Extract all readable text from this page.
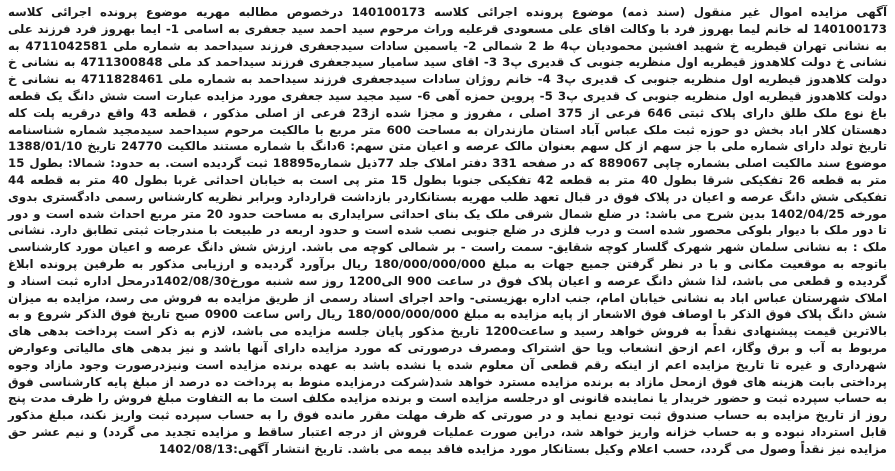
آگهی مزایده اموال غیر منقول (سند ذمه) موضوع پرونده اجرائی کلاسه 140100173 درخصوص مطالبه مهریه موضوع پرونده اجرائی کلاسه 140100173 له خانم لیما بهروز فرد با وکالت اقای علی مسعودی قرعلیه وراث مرحوم سید احمد سید جعفری به اسامی 1- ایما بهروز فرد فرزند علی به نشانی تهران قیطریه خ شهید افشین محمودیان پ4 ط 2 شمالی 2- یاسمین سادات سیدجعفری فرزند سیداحمد به شماره ملی 4711042581 به نشانی خ دولت کلاهدوز قیطریه اول منظریه جنوبی ک قدیری پ3 3- اقای سید سامیار سیدجعفری فرزند سیداحمد کد ملی 4711300848 به نشانی خ دولت کلاهدوز قیطریه اول منظریه جنوبی ک قدیری پ3 4- خانم روژان سادات سیدجعفری فرزند سیداحمد به شماره ملی 4711828461 به نشانی خ دولت کلاهدوز قیطریه اول منظریه جنوبی ک قدیری پ3 5- پروین حمزه آهی 6- سید مجید سید جعفری مورد مزایده عبارت است شش دانگ یک قطعه باغ نوع ملک طلق دارای پلاک ثبتی 646 فرعی از 375 اصلی ، مفروز و مجزا شده از23 فرعی از اصلی مذکور ، قطعه 43 واقع درقریه پلت کله دهستان کلار اباد بخش دو حوزه ثبت ملک عباس آباد استان مازندران به مساحت 600 متر مربع با مالکیت مرحوم سیداحمد سیدمجید شماره شناسنامه تاریخ تولد دارای شماره ملی با جز سهم از کل سهم بعنوان مالک عرصه و اعیان متن سهم: 6دانگ با شماره مستند مالکیت 24770 تاریخ 1388/01/10 موضوع سند مالکیت اصلی بشماره چاپی 889067 که در صفحه 331 دفتر املاک جلد 77ذیل شماره18895 ثبت گردیده است. به حدود: شمالا: بطول 15 متر به قطعه 26 تفکیکی شرقا بطول 40 متر به قطعه 42 تفکیکی جنوبا بطول 15 متر پی است به خیابان احداثی غربا بطول 40 متر به قطعه 44 تفکیکی شش دانگ عرصه و اعیان در پلاک فوق در قبال تعهد طلب مهریه بستانکاردر بازداشت قراردارد وبرابر نظریه کارشناس رسمی دادگستری بدوی مورخه 1402/04/25 بدین شرح می باشد: در ضلع شمال شرقی ملک یک بنای احداثی سرایداری به مساحت حدود 20 متر مربع احداث شده است و دور تا دور ملک با دیوار بلوکی محصور شده است و درب فلزی در ضلع جنوبی نصب شده است و حدود اربعه در طبیعت با مندرجات ثبتی تطابق دارد. نشانی ملک : به نشانی سلمان شهر شهرک گلسار کوچه شقایق- سمت راست - بر شمالی کوچه می باشد. ارزش شش دانگ عرصه و اعیان مورد کارشناسی باتوجه به موقعیت مکانی و با در نظر گرفتن جمیع جهات به مبلغ 180/000/000/000 ریال برآورد گردیده و ارزیابی مذکور به طرفین پرونده ابلاغ گردیده و قطعی می باشد، لذا شش دانگ عرصه و اعیان پلاک فوق در ساعت 900 الی1200 روز سه شنبه مورخ1402/08/30درمحل اداره ثبت اسناد و املاک شهرستان عباس اباد به نشانی خیابان امام، جنب اداره بهزیستی- واحد اجرای اسناد رسمی از طریق مزایده به فروش می رسد، مزایده به میزان شش دانگ پلاک فوق الذکر با اوصاف فوق الاشعار از پایه مزایده به مبلغ 180/000/000/000 ریال راس ساعت 0900 صبح تاریخ فوق الذکر شروع و به بالاترین قیمت پیشنهادی نقداً به فروش خواهد رسید و ساعت1200 تاریخ مذکور پایان جلسه مزایده می باشد، لازم به ذکر است پرداخت بدهی های مربوط به آب و برق وگاز، اعم ازحق انشعاب ویا حق اشتراک ومصرف درصورتی که مورد مزایده دارای آنها باشد و نیز بدهی های مالیاتی وعوارض شهرداری و غیره تا تاریخ مزایده اعم از اینکه رقم قطعی آن معلوم شده یا نشده باشد به عهده برنده مزایده است ونیزدرصورت وجود مازاد وجوه پرداختی بابت هزینه های فوق ازمحل مازاد به برنده مزایده مسترد خواهد شد(شرکت درمزایده منوط به پرداخت ده درصد از مبلغ پایه کارشناسی فوق به حساب سپرده ثبت و حضور خریدار یا نماینده قانونی او درجلسه مزایده است و برنده مزایده مکلف است ما به التفاوت مبلغ فروش را ظرف مدت پنج روز از تاریخ مزایده به حساب صندوق ثبت تودیع نماید و در صورتی که ظرف مهلت مقرر مانده فوق را به حساب سپرده ثبت واریز نکند، مبلغ مذکور قابل استرداد نبوده و به حساب خزانه واریز خواهد شد، دراین صورت عملیات فروش از درجه اعتبار ساقط و مزایده تجدید می گردد) و نیم عشر حق مزایده نیز نقداً وصول می گردد، حسب اعلام وکیل بستانکار مورد مزایده فاقد بیمه می باشد. تاریخ انتشار آگهی:1402/08/13
